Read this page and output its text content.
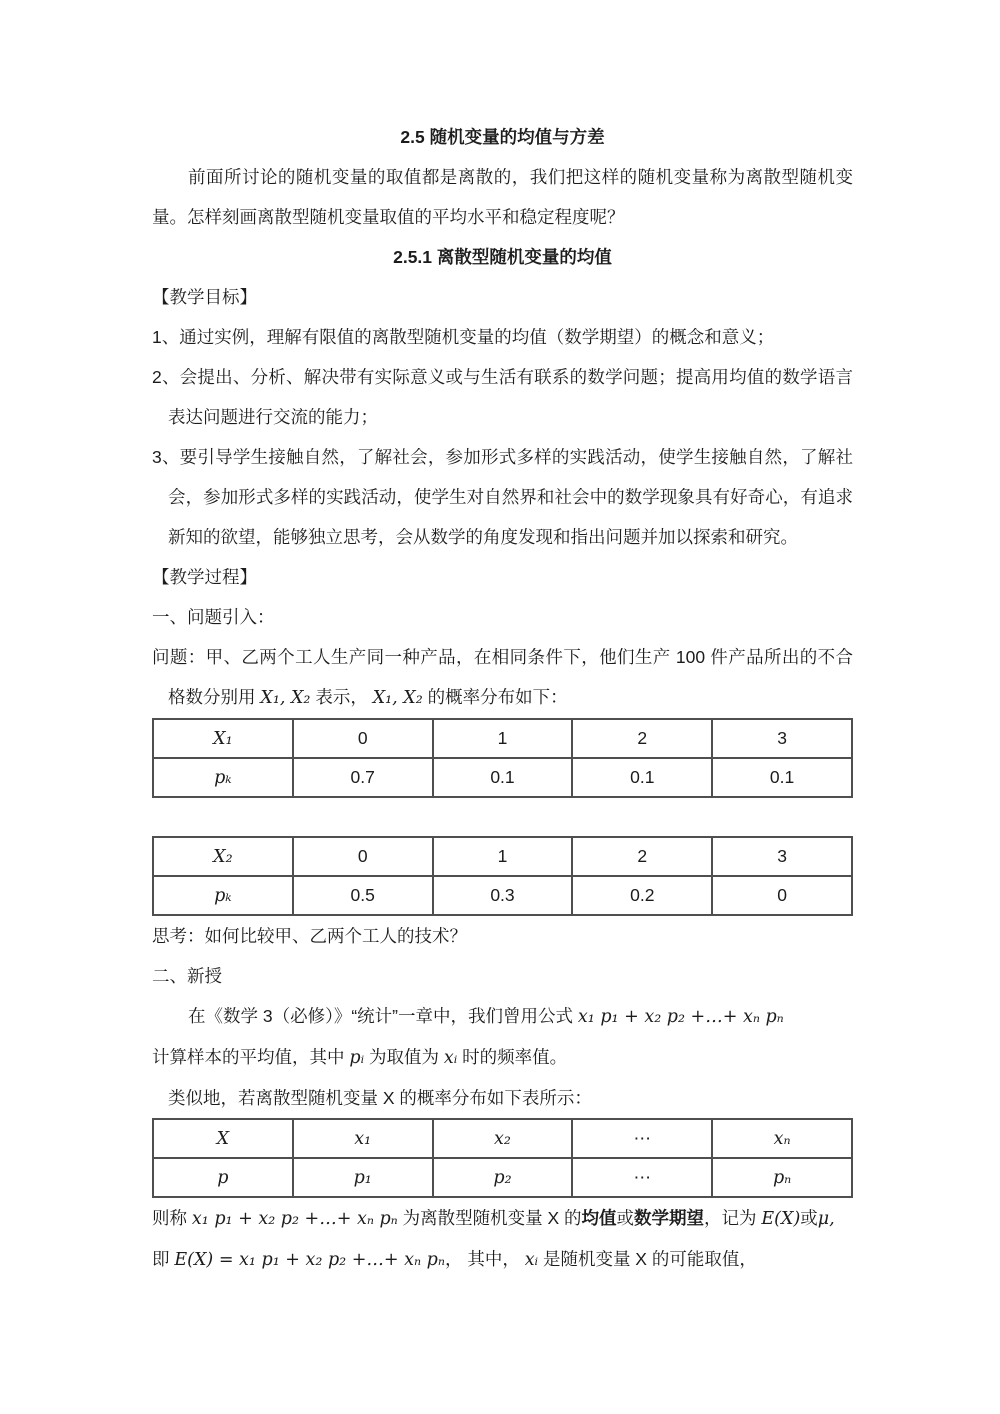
2.5 随机变量的均值与方差

前面所讨论的随机变量的取值都是离散的，我们把这样的随机变量称为离散型随机变量。怎样刻画离散型随机变量取值的平均水平和稳定程度呢？

2.5.1 离散型随机变量的均值

【教学目标】

1、通过实例，理解有限值的离散型随机变量的均值（数学期望）的概念和意义；

2、会提出、分析、解决带有实际意义或与生活有联系的数学问题；提高用均值的数学语言表达问题进行交流的能力；

3、要引导学生接触自然，了解社会，参加形式多样的实践活动，使学生接触自然，了解社会，参加形式多样的实践活动，使学生对自然界和社会中的数学现象具有好奇心，有追求新知的欲望，能够独立思考，会从数学的角度发现和指出问题并加以探索和研究。

【教学过程】

一、问题引入：

问题：甲、乙两个工人生产同一种产品，在相同条件下，他们生产 100 件产品所出的不合格数分别用 X₁, X₂ 表示， X₁, X₂ 的概率分布如下：

X₁	0	1	2	3
pₖ	0.7	0.1	0.1	0.1
X₂	0	1	2	3
pₖ	0.5	0.3	0.2	0

思考：如何比较甲、乙两个工人的技术？

二、新授

在《数学 3（必修）》“统计”一章中，我们曾用公式 x₁ p₁ + x₂ p₂ +…+ xₙ pₙ

计算样本的平均值，其中 pᵢ 为取值为 xᵢ 时的频率值。

类似地，若离散型随机变量 X 的概率分布如下表所示：

X	x₁	x₂	⋯	xₙ
p	p₁	p₂	⋯	pₙ

则称 x₁ p₁ + x₂ p₂ +…+ xₙ pₙ 为离散型随机变量 X 的均值或数学期望，记为 E(X)或μ,

即 E(X) = x₁ p₁ + x₂ p₂ +…+ xₙ pₙ， 其中， xᵢ 是随机变量 X 的可能取值，
